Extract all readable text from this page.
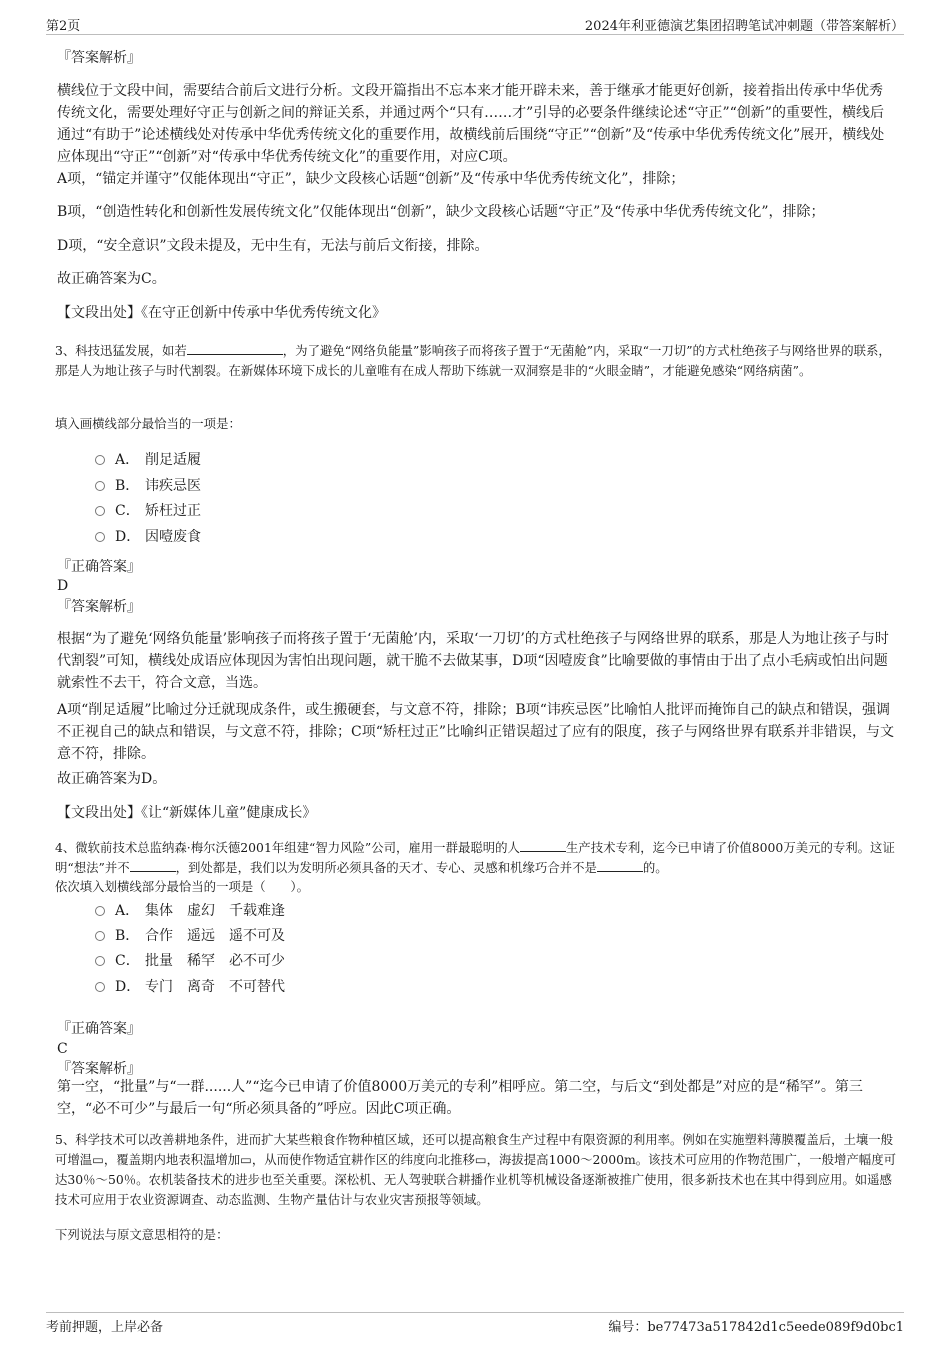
第2页	2024年利亚德演艺集团招聘笔试冲刺题（带答案解析）
『答案解析』
横线位于文段中间，需要结合前后文进行分析。文段开篇指出不忘本来才能开辟未来，善于继承才能更好创新，接着指出传承中华优秀传统文化，需要处理好守正与创新之间的辩证关系，并通过两个“只有……才”引导的必要条件继续论述“守正”“创新”的重要性，横线后通过“有助于”论述横线处对传承中华优秀传统文化的重要作用，故横线前后围绕“守正”“创新”及“传承中华优秀传统文化”展开，横线处应体现出“守正”“创新”对“传承中华优秀传统文化”的重要作用，对应C项。
A项，“锚定并谨守”仅能体现出“守正”，缺少文段核心话题“创新”及“传承中华优秀传统文化”，排除；
B项，“创造性转化和创新性发展传统文化”仅能体现出“创新”，缺少文段核心话题“守正”及“传承中华优秀传统文化”，排除；
D项，“安全意识”文段未提及，无中生有，无法与前后文衔接，排除。
故正确答案为C。
【文段出处】《在守正创新中传承中华优秀传统文化》
3、科技迅猛发展，如若	，为了避免“网络负能量”影响孩子而将孩子置于“无菌舱”内，采取“一刀切”的方式杜绝孩子与网络世界的联系，那是人为地让孩子与时代割裂。在新媒体环境下成长的儿童唯有在成人帮助下练就一双洞察是非的“火眼金睛”，才能避免感染“网络病菌”。
填入画横线部分最恰当的一项是：
A． 削足适履
B． 讳疾忌医
C． 矫枉过正
D． 因噎废食
『正确答案』
D
『答案解析』
根据“为了避免‘网络负能量’影响孩子而将孩子置于‘无菌舱’内，采取‘一刀切’的方式杜绝孩子与网络世界的联系，那是人为地让孩子与时代割裂”可知，横线处成语应体现因为害怕出现问题，就干脆不去做某事，D项“因噎废食”比喻要做的事情由于出了点小毛病或怕出问题就索性不去干，符合文意，当选。
A项“削足适履”比喻过分迁就现成条件，或生搬硬套，与文意不符，排除；B项“讳疾忌医”比喻怕人批评而掩饰自己的缺点和错误，强调不正视自己的缺点和错误，与文意不符，排除；C项“矫枉过正”比喻纠正错误超过了应有的限度，孩子与网络世界有联系并非错误，与文意不符，排除。
故正确答案为D。
【文段出处】《让“新媒体儿童”健康成长》
4、微软前技术总监纳森·梅尔沃德2001年组建“智力风险”公司，雇用一群最聪明的人	生产技术专利，迄今已申请了价值8000万美元的专利。这证明“想法”并不	，到处都是，我们以为发明所必须具备的天才、专心、灵感和机缘巧合并不是	的。
依次填入划横线部分最恰当的一项是（　　）。
A． 集体 虚幻 千载难逢
B． 合作 遥远 遥不可及
C． 批量 稀罕 必不可少
D． 专门 离奇 不可替代
『正确答案』
C
『答案解析』
第一空，“批量”与“一群......人”“迄今已申请了价值8000万美元的专利”相呼应。第二空，与后文“到处都是”对应的是“稀罕”。第三空，“必不可少”与最后一句“所必须具备的”呼应。因此C项正确。
5、科学技术可以改善耕地条件，进而扩大某些粮食作物种植区域，还可以提高粮食生产过程中有限资源的利用率。例如在实施塑料薄膜覆盖后，土壤一般可增温▭，覆盖期内地表积温增加▭，从而使作物适宜耕作区的纬度向北推移▭，海拔提高1000～2000m。该技术可应用的作物范围广，一般增产幅度可达30％～50％。农机装备技术的进步也至关重要。深松机、无人驾驶联合耕播作业机等机械设备逐渐被推广使用，很多新技术也在其中得到应用。如遥感技术可应用于农业资源调查、动态监测、生物产量估计与农业灾害预报等领域。
下列说法与原文意思相符的是：
考前押题，上岸必备	编号：be77473a517842d1c5eede089f9d0bc1
